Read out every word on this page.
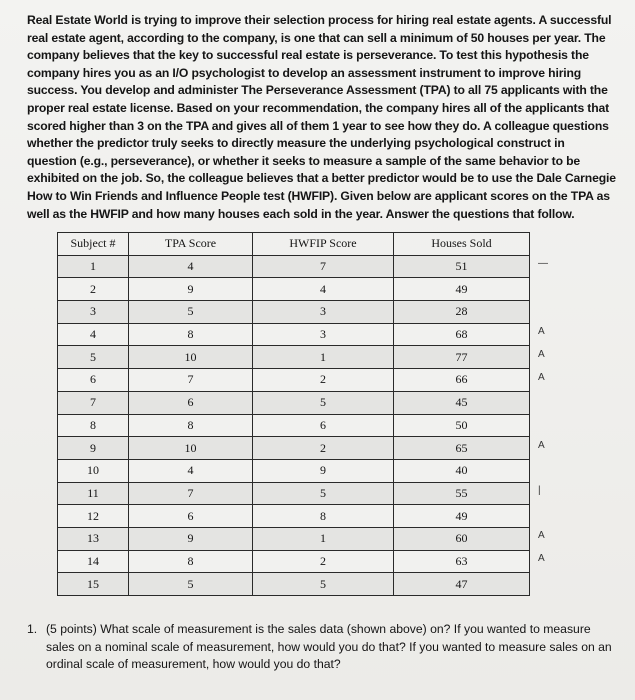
Real Estate World is trying to improve their selection process for hiring real estate agents. A successful real estate agent, according to the company, is one that can sell a minimum of 50 houses per year. The company believes that the key to successful real estate is perseverance. To test this hypothesis the company hires you as an I/O psychologist to develop an assessment instrument to improve hiring success. You develop and administer The Perseverance Assessment (TPA) to all 75 applicants with the proper real estate license. Based on your recommendation, the company hires all of the applicants that scored higher than 3 on the TPA and gives all of them 1 year to see how they do. A colleague questions whether the predictor truly seeks to directly measure the underlying psychological construct in question (e.g., perseverance), or whether it seeks to measure a sample of the same behavior to be exhibited on the job. So, the colleague believes that a better predictor would be to use the Dale Carnegie How to Win Friends and Influence People test (HWFIP). Given below are applicant scores on the TPA as well as the HWFIP and how many houses each sold in the year. Answer the questions that follow.
Subject #	TPA Score	HWFIP Score	Houses Sold
1	4	7	51
2	9	4	49
3	5	3	28
4	8	3	68
5	10	1	77
6	7	2	66
7	6	5	45
8	8	6	50
9	10	2	65
10	4	9	40
11	7	5	55
12	6	8	49
13	9	1	60
14	8	2	63
15	5	5	47
—
A
A
A
A
|
A
A
1. (5 points) What scale of measurement is the sales data (shown above) on? If you wanted to measure sales on a nominal scale of measurement, how would you do that? If you wanted to measure sales on an ordinal scale of measurement, how would you do that?
